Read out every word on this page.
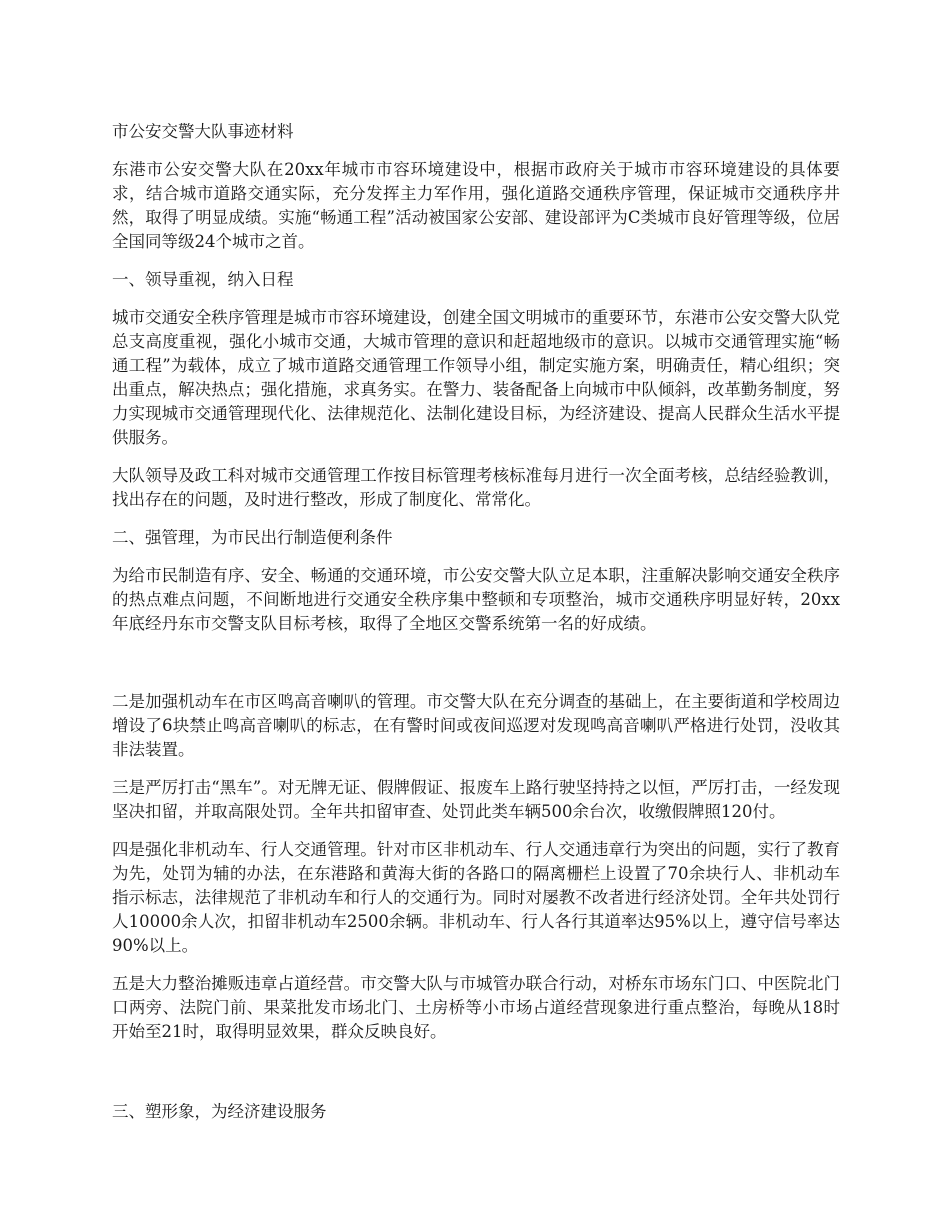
市公安交警大队事迹材料

东港市公安交警大队在20xx年城市市容环境建设中，根据市政府关于城市市容环境建设的具体要求，结合城市道路交通实际，充分发挥主力军作用，强化道路交通秩序管理，保证城市交通秩序井然，取得了明显成绩。实施“畅通工程”活动被国家公安部、建设部评为C类城市良好管理等级，位居全国同等级24个城市之首。

一、领导重视，纳入日程

城市交通安全秩序管理是城市市容环境建设，创建全国文明城市的重要环节，东港市公安交警大队党总支高度重视，强化小城市交通，大城市管理的意识和赶超地级市的意识。以城市交通管理实施“畅通工程”为载体，成立了城市道路交通管理工作领导小组，制定实施方案，明确责任，精心组织；突出重点，解决热点；强化措施，求真务实。在警力、装备配备上向城市中队倾斜，改革勤务制度，努力实现城市交通管理现代化、法律规范化、法制化建设目标，为经济建设、提高人民群众生活水平提供服务。

大队领导及政工科对城市交通管理工作按目标管理考核标准每月进行一次全面考核，总结经验教训，找出存在的问题，及时进行整改，形成了制度化、常常化。

二、强管理，为市民出行制造便利条件

为给市民制造有序、安全、畅通的交通环境，市公安交警大队立足本职，注重解决影响交通安全秩序的热点难点问题，不间断地进行交通安全秩序集中整顿和专项整治，城市交通秩序明显好转，20xx年底经丹东市交警支队目标考核，取得了全地区交警系统第一名的好成绩。

二是加强机动车在市区鸣高音喇叭的管理。市交警大队在充分调查的基础上，在主要街道和学校周边增设了6块禁止鸣高音喇叭的标志，在有警时间或夜间巡逻对发现鸣高音喇叭严格进行处罚，没收其非法装置。

三是严厉打击“黑车”。对无牌无证、假牌假证、报废车上路行驶坚持持之以恒，严厉打击，一经发现坚决扣留，并取高限处罚。全年共扣留审查、处罚此类车辆500余台次，收缴假牌照120付。

四是强化非机动车、行人交通管理。针对市区非机动车、行人交通违章行为突出的问题，实行了教育为先，处罚为辅的办法，在东港路和黄海大街的各路口的隔离栅栏上设置了70余块行人、非机动车指示标志，法律规范了非机动车和行人的交通行为。同时对屡教不改者进行经济处罚。全年共处罚行人10000余人次，扣留非机动车2500余辆。非机动车、行人各行其道率达95%以上，遵守信号率达90%以上。

五是大力整治摊贩违章占道经营。市交警大队与市城管办联合行动，对桥东市场东门口、中医院北门口两旁、法院门前、果菜批发市场北门、土房桥等小市场占道经营现象进行重点整治，每晚从18时开始至21时，取得明显效果，群众反映良好。

三、塑形象，为经济建设服务
